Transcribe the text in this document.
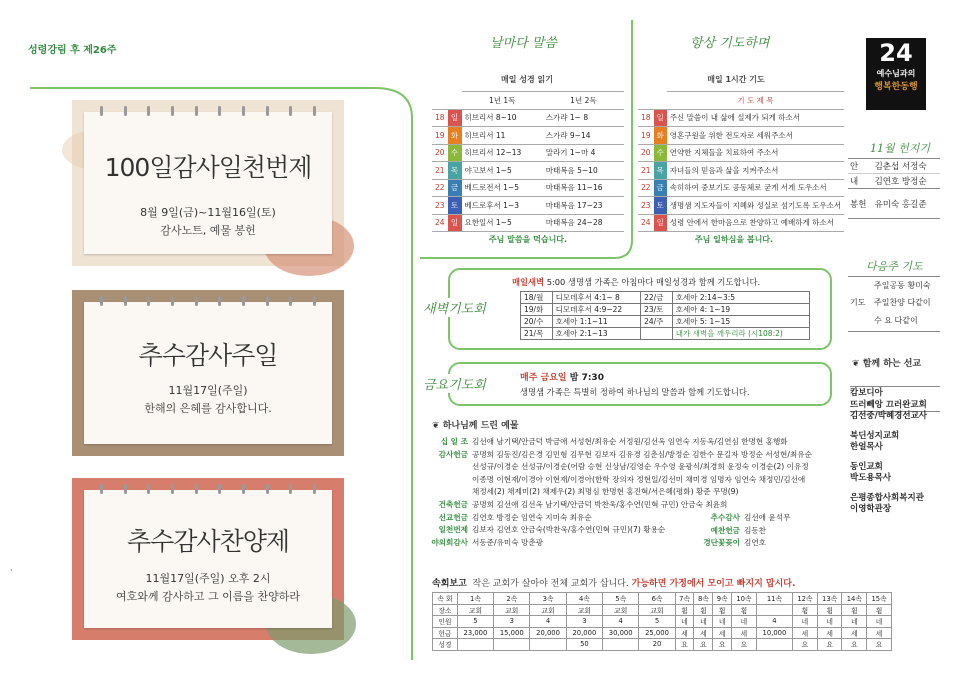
성령강림 후 제26주
·
100일감사일천번제
8월 9일(금)~11월16일(토)
감사노트, 예물 봉헌
추수감사주일
11월17일(주일)
한해의 은혜를 감사합니다.
추수감사찬양제
11월17일(주일) 오후 2시
여호와께 감사하고 그 이름을 찬양하라
날마다 말씀
매일 성경 읽기
		1년 1독	1년 2독
18	일	히브리서 8~10	스가랴 1~ 8
19	화	히브리서 11	스가랴 9~14
20	수	히브리서 12~13	말라기 1~마 4
21	목	야고보서 1~5	마태복음 5~10
22	금	베드로전서 1~5	마태복음 11~16
23	토	베드로후서 1~3	마태복음 17~23
24	일	요한일서 1~5	마태복음 24~28
주님 말씀을 먹습니다.
항상 기도하며
매일 1시간 기도
		기 도 제 목
18	일	주신 말씀이 내 삶에 실제가 되게 하소서
19	화	영혼구원을 위한 전도자로 세워주소서
20	수	연약한 지체들을 치료하여 주소서
21	목	자녀들의 믿음과 삶을 지켜주소서
22	금	속히하여 중보기도 공동체로 굳게 서게 도우소서
23	토	생명샘 지도자들이 지혜와 성실로 섬기도록 도우소서
24	일	성령 안에서 한마음으로 찬양하고 예배하게 하소서
주님 일하심을 봅니다.
24
예수님과의
행복한동행
11월 헌지기
안	김춘섭 서정숙
내	김연호 방정순
봉헌	유미숙 홍길준
다음주 기도
기도
주일공동 황미숙
주일찬양 다같이
수 요 다같이
❦ 함께 하는 선교
캄보디아
뜨러뻬앙 끄러완교회
김선중/박혜경선교사
북딘성지교회
한얼목사
동인교회
박도용목사
은평종합사회복지관
이영학관장
새벽기도회
매일새벽 5:00 생명샘 가족은 아침마다 매일성경과 함께 기도합니다.
18/월	디모데후서 4:1~ 8	22/금	호세아 2:14~3:5
19/화	디모데후서 4:9~22	23/토	호세아 4: 1~19
20/수	호세아 1:1~11	24/주	호세아 5: 1~15
21/목	호세아 2:1~13		내가 새벽을 깨우리라 (시108:2)
금요기도회	매주 금요일 밤 7:30
생명샘 가족은 특별히 정하여 하나님의 말씀과 함께 기도합니다.
❦ 하나님께 드린 예물
십 일 조 김선애 남기택/안금덕 박금애 서성현/최유순 서정원/김선옥 임연숙 지동옥/김연심 한명현 홍행화
감사헌금 공명희 김동진/김은경 김민형 김무현 김보자 김유경 김춘심/방정순 김한수 문길자 방정순 서성현/최유순
선성규/이경순 선성규/이경순(어람 승현 신상남/김영순 우수영 윤광식/최경희 윤정숙 이경순(2) 이유정
이종명 이현재/이경아 이현재/이경아(한학 장의자 정현일/김선미 채미경 임명자 임연숙 채정민/김선애
채정세(2) 채제미(2) 채제우(2) 최명심 한명현 홍진혁/서은혜(평화) 황준 무명(9)
건축헌금 공명희 김선애 김선옥 남기택/안금덕 박찬욱/홍수연(민혁 규민) 안금숙 최윤희
선교헌금 김연호 방정순 임연숙 지미숙 최유순
일천번제 김보자 김연호 안금숙(박찬욱/홍수연(민혁 규민)(7) 황용순
야외회감사 서동준/유미숙 망춘광
추수감사 김선애 윤석무
예찬헌금 김동찬
경단꽃꽂이 김연호
속회보고 작은 교회가 살아야 전체 교회가 삽니다. 가능하면 가정에서 모이고 빠지지 맙시다.
속 회	1속	2속	3속	4속	5속	6속	7속	8속	9속	10속	11속	12속	13속	14속	15속
장소	교회	교회	교회	교회	교회	교회	휨	휨	휨	휨		휨	휨	휨	휨
인원	5	3	4	3	4	5	네	네	네	네	4	네	네	네	네
헌금	23,000	15,000	20,000	20,000	30,000	25,000	세	세	세	세	10,000	세	세	세	세
성경				50		20	요	요	요	요		요	요	요	요
